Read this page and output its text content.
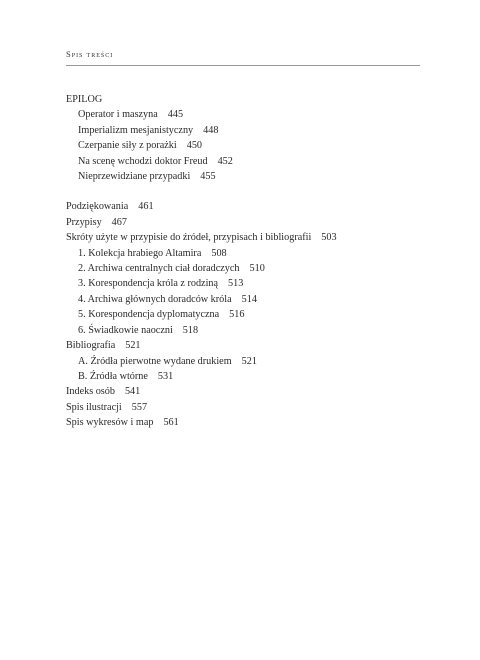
Spis treści
EPILOG
Operator i maszyna 445
Imperializm mesjanistyczny 448
Czerpanie siły z porażki 450
Na scenę wchodzi doktor Freud 452
Nieprzewidziane przypadki 455
Podziękowania 461
Przypisy 467
Skróty użyte w przypisie do źródeł, przypisach i bibliografii 503
1. Kolekcja hrabiego Altamira 508
2. Archiwa centralnych ciał doradczych 510
3. Korespondencja króla z rodziną 513
4. Archiwa głównych doradców króla 514
5. Korespondencja dyplomatyczna 516
6. Świadkowie naoczni 518
Bibliografia 521
A. Źródła pierwotne wydane drukiem 521
B. Źródła wtórne 531
Indeks osób 541
Spis ilustracji 557
Spis wykresów i map 561
